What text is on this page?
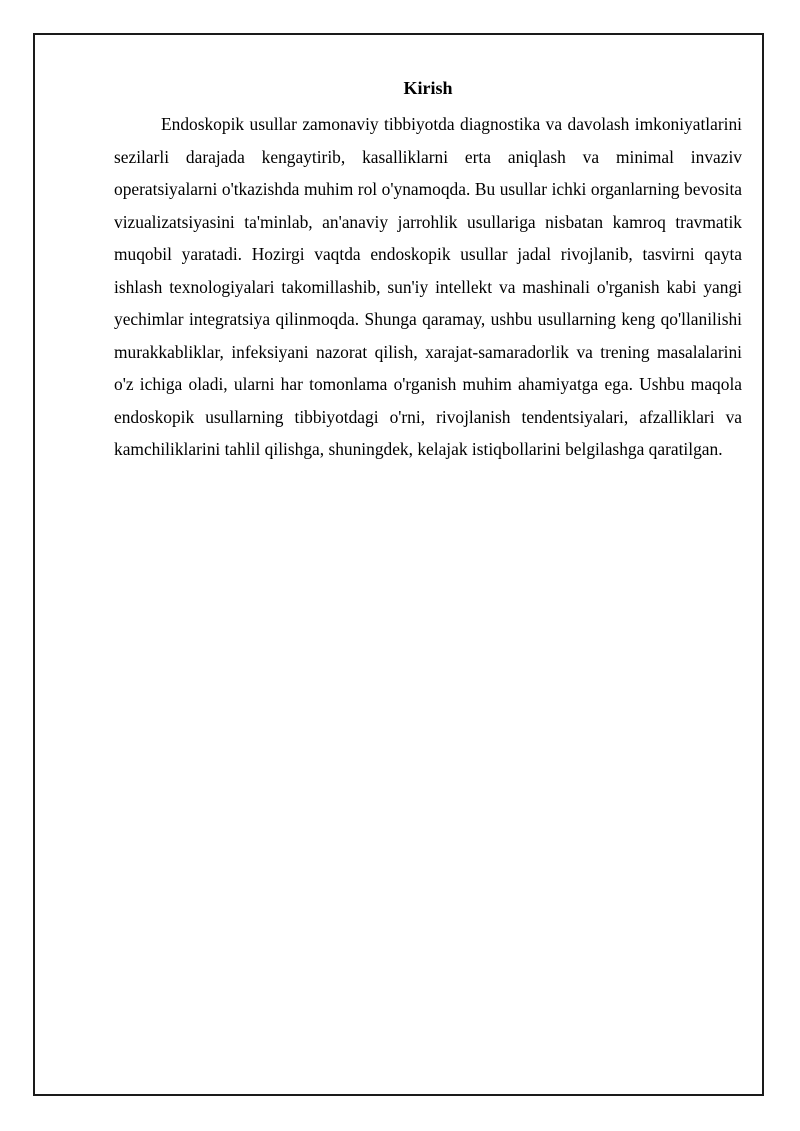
Kirish

Endoskopik usullar zamonaviy tibbiyotda diagnostika va davolash imkoniyatlarini sezilarli darajada kengaytirib, kasalliklarni erta aniqlash va minimal invaziv operatsiyalarni o'tkazishda muhim rol o'ynamoqda. Bu usullar ichki organlarning bevosita vizualizatsiyasini ta'minlab, an'anaviy jarrohlik usullariga nisbatan kamroq travmatik muqobil yaratadi. Hozirgi vaqtda endoskopik usullar jadal rivojlanib, tasvirni qayta ishlash texnologiyalari takomillashib, sun'iy intellekt va mashinali o'rganish kabi yangi yechimlar integratsiya qilinmoqda. Shunga qaramay, ushbu usullarning keng qo'llanilishi murakkabliklar, infeksiyani nazorat qilish, xarajat-samaradorlik va trening masalalarini o'z ichiga oladi, ularni har tomonlama o'rganish muhim ahamiyatga ega. Ushbu maqola endoskopik usullarning tibbiyotdagi o'rni, rivojlanish tendentsiyalari, afzalliklari va kamchiliklarini tahlil qilishga, shuningdek, kelajak istiqbollarini belgilashga qaratilgan.
